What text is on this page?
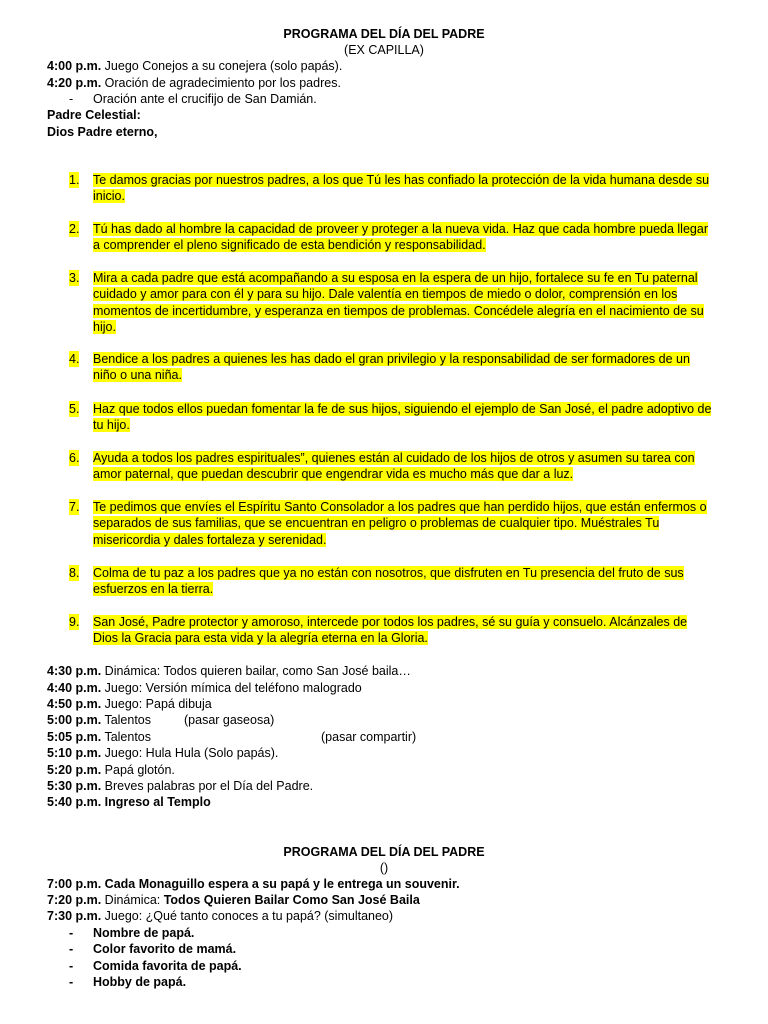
PROGRAMA DEL DÍA DEL PADRE
(EX CAPILLA)
4:00 p.m. Juego Conejos a su conejera (solo papás).
4:20 p.m. Oración de agradecimiento por los padres.
- Oración ante el crucifijo de San Damián.
Padre Celestial:
Dios Padre eterno,
1. Te damos gracias por nuestros padres, a los que Tú les has confiado la protección de la vida humana desde su inicio.
2. Tú has dado al hombre la capacidad de proveer y proteger a la nueva vida. Haz que cada hombre pueda llegar a comprender el pleno significado de esta bendición y responsabilidad.
3. Mira a cada padre que está acompañando a su esposa en la espera de un hijo, fortalece su fe en Tu paternal cuidado y amor para con él y para su hijo. Dale valentía en tiempos de miedo o dolor, comprensión en los momentos de incertidumbre, y esperanza en tiempos de problemas. Concédele alegría en el nacimiento de su hijo.
4. Bendice a los padres a quienes les has dado el gran privilegio y la responsabilidad de ser formadores de un niño o una niña.
5. Haz que todos ellos puedan fomentar la fe de sus hijos, siguiendo el ejemplo de San José, el padre adoptivo de tu hijo.
6. Ayuda a todos los padres espirituales”, quienes están al cuidado de los hijos de otros y asumen su tarea con amor paternal, que puedan descubrir que engendrar vida es mucho más que dar a luz.
7. Te pedimos que envíes el Espíritu Santo Consolador a los padres que han perdido hijos, que están enfermos o separados de sus familias, que se encuentran en peligro o problemas de cualquier tipo. Muéstrales Tu misericordia y dales fortaleza y serenidad.
8. Colma de tu paz a los padres que ya no están con nosotros, que disfruten en Tu presencia del fruto de sus esfuerzos en la tierra.
9. San José, Padre protector y amoroso, intercede por todos los padres, sé su guía y consuelo. Alcánzales de Dios la Gracia para esta vida y la alegría eterna en la Gloria.
4:30 p.m. Dinámica: Todos quieren bailar, como San José baila…
4:40 p.m. Juego: Versión mímica del teléfono malogrado
4:50 p.m. Juego: Papá dibuja
5:00 p.m. Talentos	(pasar gaseosa)
5:05 p.m. Talentos	(pasar compartir)
5:10 p.m. Juego: Hula Hula (Solo papás).
5:20 p.m. Papá glotón.
5:30 p.m. Breves palabras por el Día del Padre.
5:40 p.m. Ingreso al Templo
PROGRAMA DEL DÍA DEL PADRE
()
7:00 p.m. Cada Monaguillo espera a su papá y le entrega un souvenir.
7:20 p.m. Dinámica: Todos Quieren Bailar Como San José Baila
7:30 p.m. Juego: ¿Qué tanto conoces a tu papá? (simultaneo)
- Nombre de papá.
- Color favorito de mamá.
- Comida favorita de papá.
- Hobby de papá.
